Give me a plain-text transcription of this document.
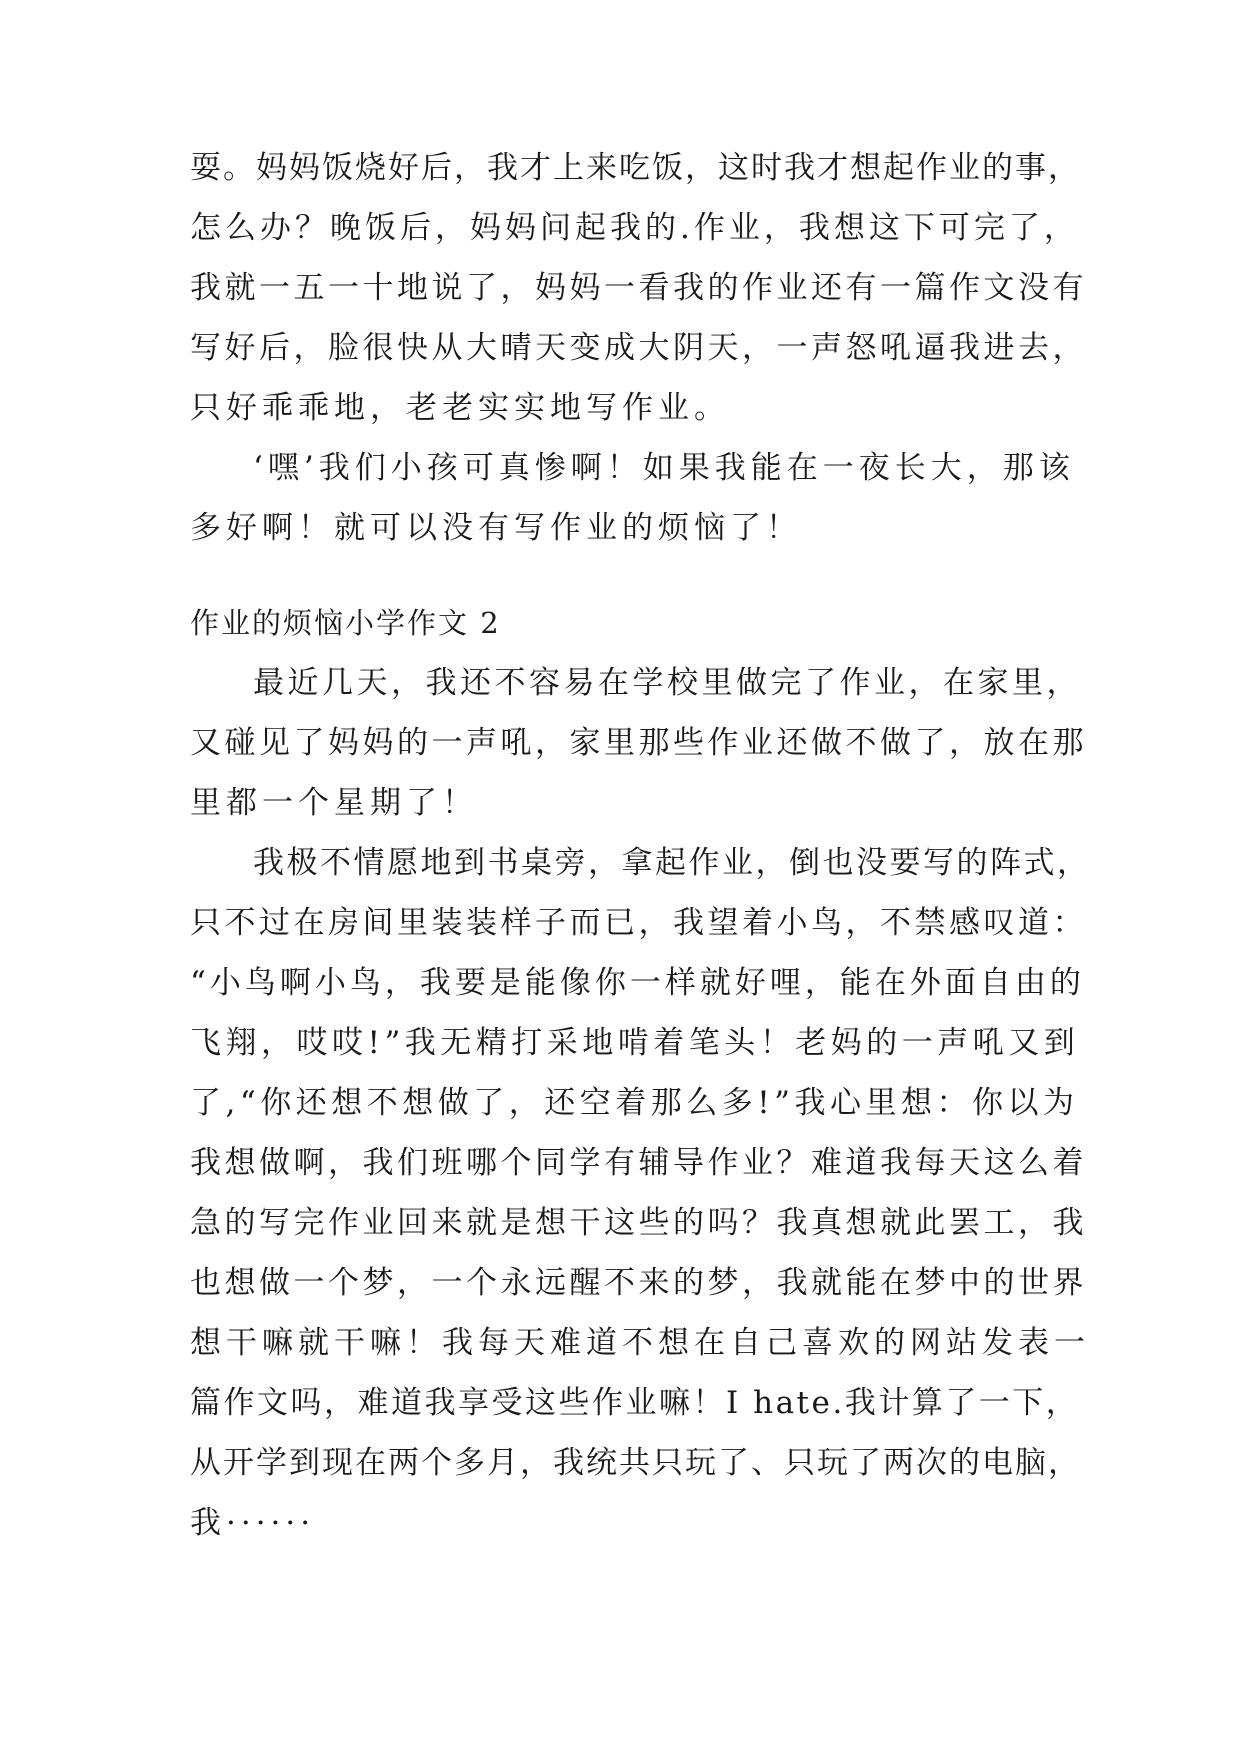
耍。妈妈饭烧好后，我才上来吃饭，这时我才想起作业的事，
怎么办？晚饭后，妈妈问起我的.作业，我想这下可完了，
我就一五一十地说了，妈妈一看我的作业还有一篇作文没有
写好后，脸很快从大晴天变成大阴天，一声怒吼逼我进去，
只好乖乖地，老老实实地写作业。
‘嘿’我们小孩可真惨啊！如果我能在一夜长大，那该
多好啊！就可以没有写作业的烦恼了！
作业的烦恼小学作文 2
最近几天，我还不容易在学校里做完了作业，在家里，
又碰见了妈妈的一声吼，家里那些作业还做不做了，放在那
里都一个星期了！
我极不情愿地到书桌旁，拿起作业，倒也没要写的阵式，
只不过在房间里装装样子而已，我望着小鸟，不禁感叹道：
“小鸟啊小鸟，我要是能像你一样就好哩，能在外面自由的
飞翔，哎哎!”我无精打采地啃着笔头！老妈的一声吼又到
了,“你还想不想做了，还空着那么多!”我心里想：你以为
我想做啊，我们班哪个同学有辅导作业？难道我每天这么着
急的写完作业回来就是想干这些的吗？我真想就此罢工，我
也想做一个梦，一个永远醒不来的梦，我就能在梦中的世界
想干嘛就干嘛！我每天难道不想在自己喜欢的网站发表一
篇作文吗，难道我享受这些作业嘛！I hate.我计算了一下，
从开学到现在两个多月，我统共只玩了、只玩了两次的电脑，
我······
